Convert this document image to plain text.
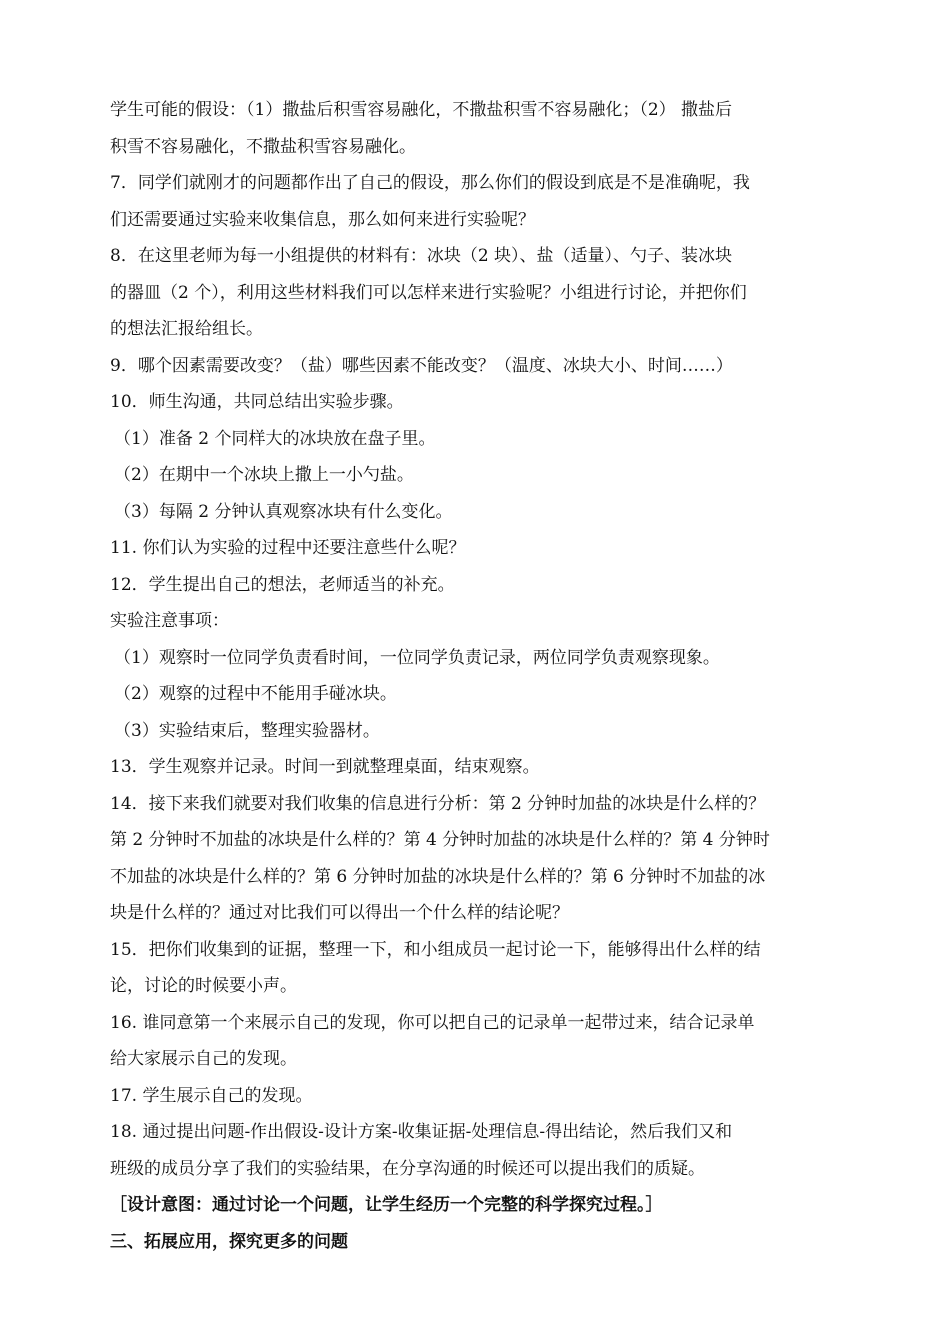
学生可能的假设：（1）撒盐后积雪容易融化，不撒盐积雪不容易融化；（2） 撒盐后
积雪不容易融化，不撒盐积雪容易融化。
7．同学们就刚才的问题都作出了自己的假设，那么你们的假设到底是不是准确呢，我
们还需要通过实验来收集信息，那么如何来进行实验呢？
8．在这里老师为每一小组提供的材料有：冰块（2 块）、盐（适量）、勺子、装冰块
的器皿（2 个），利用这些材料我们可以怎样来进行实验呢？小组进行讨论，并把你们
的想法汇报给组长。
9．哪个因素需要改变？（盐）哪些因素不能改变？（温度、冰块大小、时间……）
10．师生沟通，共同总结出实验步骤。
（1）准备 2 个同样大的冰块放在盘子里。
（2）在期中一个冰块上撒上一小勺盐。
（3）每隔 2 分钟认真观察冰块有什么变化。
11. 你们认为实验的过程中还要注意些什么呢？
12．学生提出自己的想法，老师适当的补充。
实验注意事项：
（1）观察时一位同学负责看时间，一位同学负责记录，两位同学负责观察现象。
（2）观察的过程中不能用手碰冰块。
（3）实验结束后，整理实验器材。
13．学生观察并记录。时间一到就整理桌面，结束观察。
14．接下来我们就要对我们收集的信息进行分析：第 2 分钟时加盐的冰块是什么样的？
第 2 分钟时不加盐的冰块是什么样的？第 4 分钟时加盐的冰块是什么样的？第 4 分钟时
不加盐的冰块是什么样的？第 6 分钟时加盐的冰块是什么样的？第 6 分钟时不加盐的冰
块是什么样的？通过对比我们可以得出一个什么样的结论呢？
15．把你们收集到的证据，整理一下，和小组成员一起讨论一下，能够得出什么样的结
论，讨论的时候要小声。
16. 谁同意第一个来展示自己的发现，你可以把自己的记录单一起带过来，结合记录单
给大家展示自己的发现。
17. 学生展示自己的发现。
18. 通过提出问题-作出假设-设计方案-收集证据-处理信息-得出结论，然后我们又和
班级的成员分享了我们的实验结果，在分享沟通的时候还可以提出我们的质疑。
［设计意图：通过讨论一个问题，让学生经历一个完整的科学探究过程。］
三、拓展应用，探究更多的问题
